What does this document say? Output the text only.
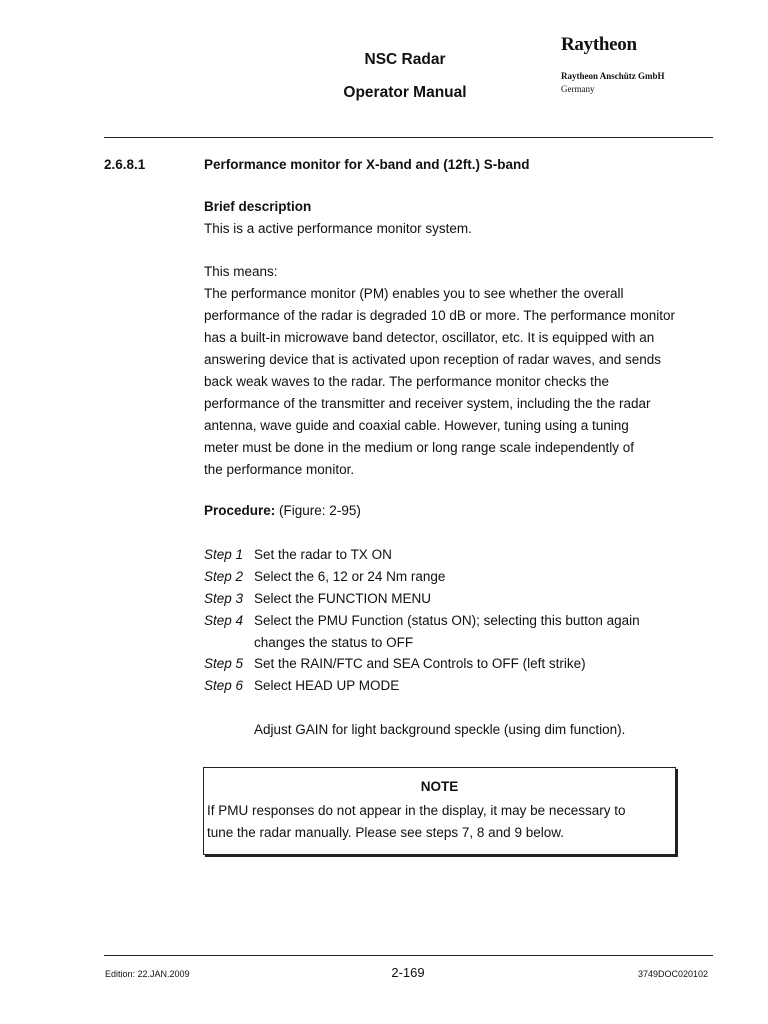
NSC Radar
Operator Manual
Raytheon
Raytheon Anschütz GmbH
Germany
2.6.8.1	Performance monitor for X-band and (12ft.) S-band
Brief description
This is a active performance monitor system.
This means:
The performance monitor (PM) enables you to see whether the overall
performance of the radar is degraded 10 dB or more. The performance monitor
has a built-in microwave band detector, oscillator, etc. It is equipped with an
answering device that is activated upon reception of radar waves, and sends
back weak waves to the radar. The performance monitor checks the
performance of the transmitter and receiver system, including the the radar
antenna, wave guide and coaxial cable. However, tuning using a tuning
meter must be done in the medium or long range scale independently of
the performance monitor.
Procedure: (Figure: 2-95)
Step 1 Set the radar to TX ON
Step 2 Select the 6, 12 or 24 Nm range
Step 3 Select the FUNCTION MENU
Step 4 Select the PMU Function (status ON); selecting this button again
changes the status to OFF
Step 5 Set the RAIN/FTC and SEA Controls to OFF (left strike)
Step 6 Select HEAD UP MODE
Adjust GAIN for light background speckle (using dim function).
NOTE
If PMU responses do not appear in the display, it may be necessary to
tune the radar manually. Please see steps 7, 8 and 9 below.
Edition: 22.JAN.2009	2-169	3749DOC020102
